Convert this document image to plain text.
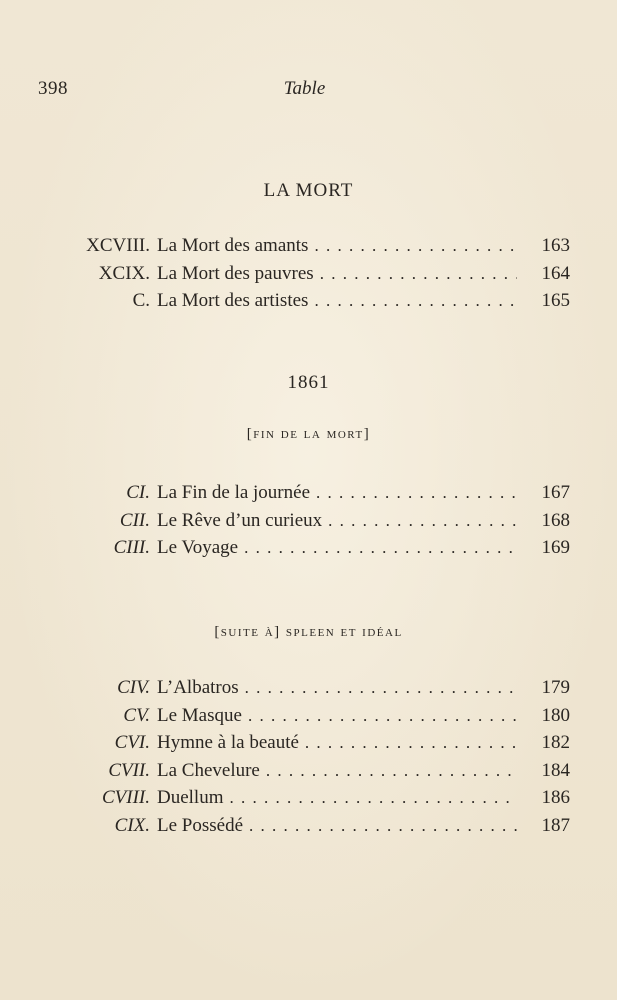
398	Table
LA MORT
XCVIII. La Mort des amants . . .	163
XCIX. La Mort des pauvres . . .	164
C. La Mort des artistes . . .	165
1861
[fin de la mort]
CI. La Fin de la journée . . .	167
CII. Le Rêve d’un curieux . . .	168
CIII. Le Voyage . . .	169
[suite à] spleen et idéal
CIV. L’Albatros . . .	179
CV. Le Masque . . .	180
CVI. Hymne à la beauté . . .	182
CVII. La Chevelure . . .	184
CVIII. Duellum . . .	186
CIX. Le Possédé . . .	187
